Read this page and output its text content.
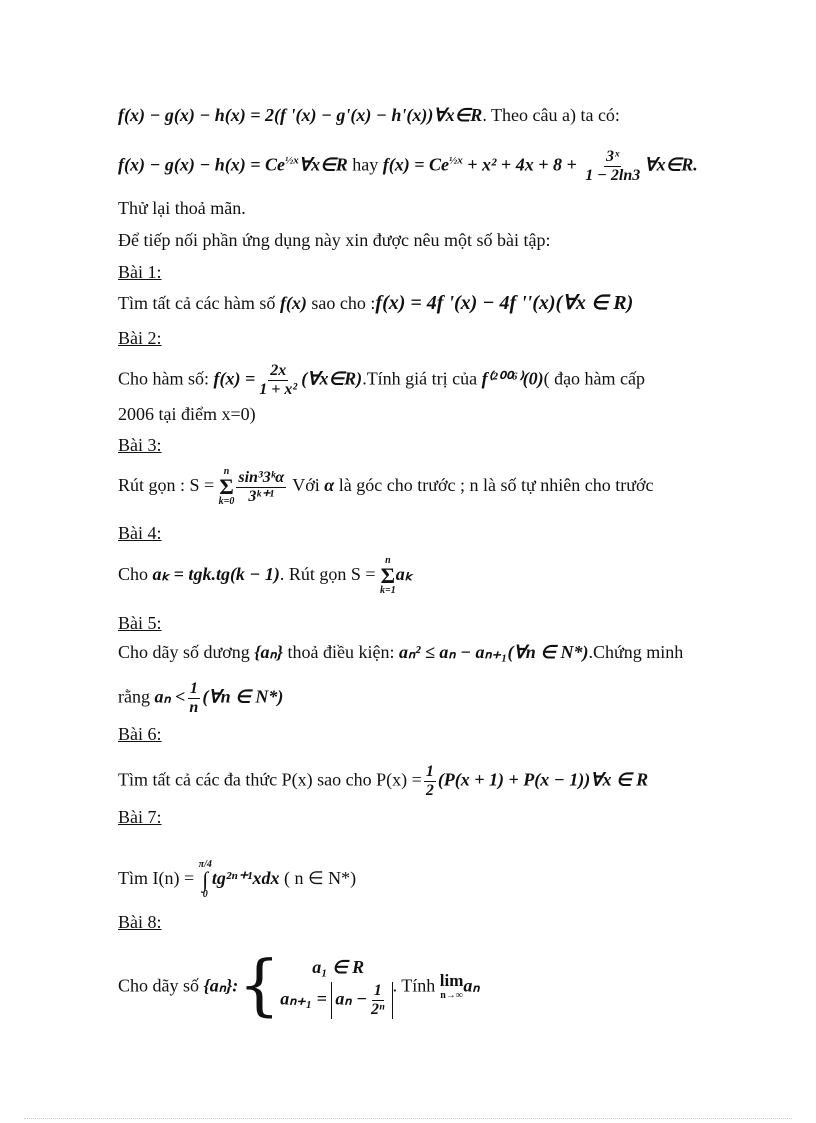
f(x) − g(x) − h(x) = 2(f '(x) − g'(x) − h'(x))∀x∈R. Theo câu a) ta có:
$f(x) - g(x) - h(x) = Ce^{\frac{1}{2}x}\forall x\in R$ hay $f(x) = Ce^{\frac{1}{2}x} + x^2 + 4x + 8 + \frac{\text{3ˣ}}{1 - 2\ln 3}$ ∀x∈R.
Thử lại thoả mãn.
Để tiếp nối phần ứng dụng này xin được nêu một số bài tập:
Bài 1:
Tìm tất cả các hàm số f(x) sao cho :f(x) = 4f '(x) − 4f ''(x)(∀x ∈ R)
Bài 2:
Cho hàm số: $f(x) = \frac{2x}{\text{1 + x²}}$ (∀x∈R).Tính giá trị của f⁽²⁰⁰⁶⁾(0)( đạo hàm cấp
2006 tại điểm x=0)
Bài 3:
Rút gọn : S =
n
Σ
$k=0 \frac{\text{sin³3ᵏα}}{\text{3ᵏ⁺¹}}$ Với α là góc cho trước ; n là số tự nhiên cho trước
Bài 4:
Cho aₖ = tgk.tg(k − 1). Rút gọn S =
n
Σ
k=1
aₖ
Bài 5:
Cho dãy số dương {aₙ} thoả điều kiện: aₙ² ≤ aₙ − aₙ₊₁(∀n ∈ N*).Chứng minh
rằng $a_n < \frac{1}{n}$ (∀n ∈ N*)
Bài 6:
Tìm tất cả các đa thức P(x) sao cho $P(x) = \frac{1}{2} (P(x + 1) + P(x$ − 1))∀x ∈ R
Bài 7:
Tìm I(n) =
π/4
∫
0
tg²ⁿ⁺¹xdx ( n ∈ N*)
Bài 8:
Cho dãy số {aₙ}:{	a₁ ∈ R
$a_{n+1} = a_n - \frac{1}{\text{2ⁿ}}$ . Tính lim
n→∞ aₙ
